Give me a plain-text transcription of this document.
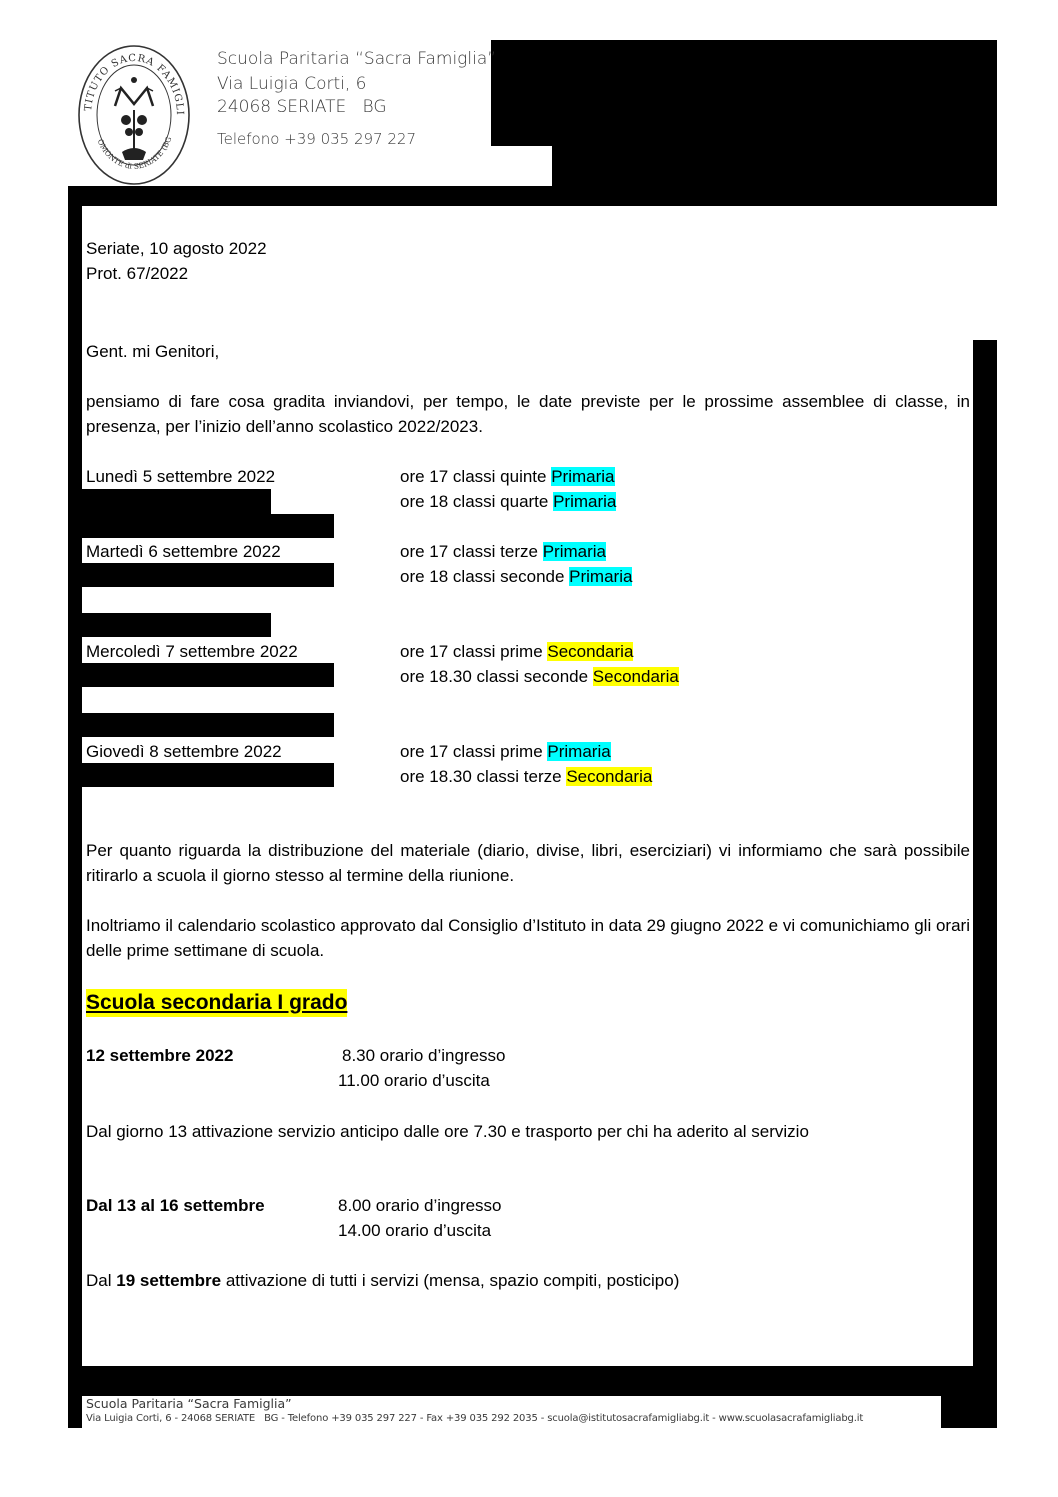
TITUTO SACRA FAMIGLI
OMONTE di SERIATE (BG
Scuola Paritaria “Sacra Famiglia”
Via Luigia Corti, 6
24068 SERIATE   BG
Telefono +39 035 297 227
Seriate, 10 agosto 2022
Prot. 67/2022
Gent. mi Genitori,
pensiamo di fare cosa gradita inviandovi, per tempo, le date previste per le prossime assemblee di classe, in presenza, per l’inizio dell’anno scolastico 2022/2023.
Lunedì 5 settembre 2022	ore 17 classi quinte Primaria
ore 18 classi quarte Primaria
Martedì 6 settembre 2022	ore 17 classi terze Primaria
ore 18 classi seconde Primaria
Mercoledì 7 settembre 2022	ore 17 classi prime Secondaria
ore 18.30 classi seconde Secondaria
Giovedì 8 settembre 2022	ore 17 classi prime Primaria
ore 18.30 classi terze Secondaria
Per quanto riguarda la distribuzione del materiale (diario, divise, libri, eserciziari) vi informiamo che sarà possibile ritirarlo a scuola il giorno stesso al termine della riunione.
Inoltriamo il calendario scolastico approvato dal Consiglio d’Istituto in data 29 giugno 2022 e vi comunichiamo gli orari delle prime settimane di scuola.
Scuola secondaria I grado
12 settembre 2022	8.30 orario d’ingresso
11.00 orario d’uscita
Dal giorno 13 attivazione servizio anticipo dalle ore 7.30 e trasporto per chi ha aderito al servizio
Dal 13 al 16 settembre	8.00 orario d’ingresso
14.00 orario d’uscita
Dal 19 settembre attivazione di tutti i servizi (mensa, spazio compiti, posticipo)
Scuola Paritaria “Sacra Famiglia”
Via Luigia Corti, 6 - 24068 SERIATE   BG - Telefono +39 035 297 227 - Fax +39 035 292 2035 - scuola@istitutosacrafamigliabg.it - www.scuolasacrafamigliabg.it
